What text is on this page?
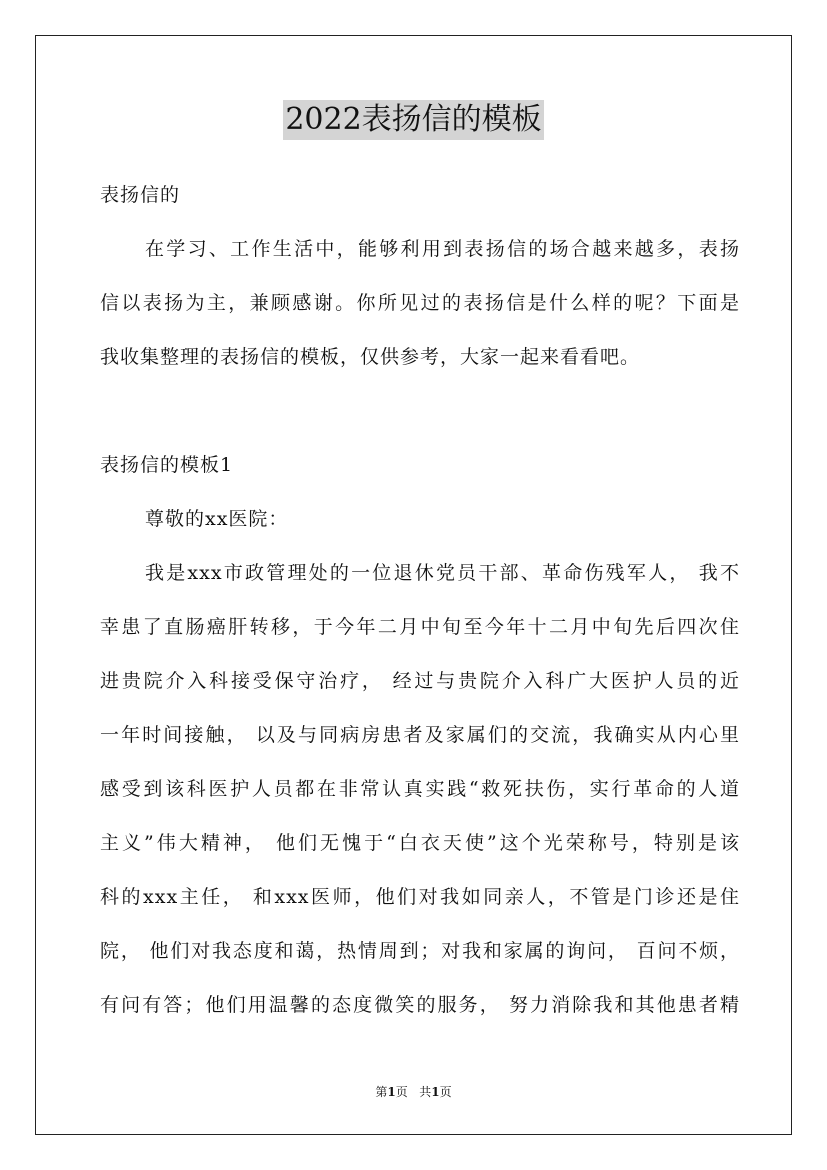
2022表扬信的模板
表扬信的
在学习、工作生活中，能够利用到表扬信的场合越来越多，表扬
信以表扬为主，兼顾感谢。你所见过的表扬信是什么样的呢？下面是
我收集整理的表扬信的模板，仅供参考，大家一起来看看吧。
表扬信的模板1
尊敬的xx医院：
我是xxx市政管理处的一位退休党员干部、革命伤残军人， 我不
幸患了直肠癌肝转移，于今年二月中旬至今年十二月中旬先后四次住
进贵院介入科接受保守治疗， 经过与贵院介入科广大医护人员的近
一年时间接触， 以及与同病房患者及家属们的交流，我确实从内心里
感受到该科医护人员都在非常认真实践“救死扶伤，实行革命的人道
主义”伟大精神， 他们无愧于“白衣天使”这个光荣称号，特别是该
科的xxx主任， 和xxx医师，他们对我如同亲人，不管是门诊还是住
院， 他们对我态度和蔼，热情周到；对我和家属的询问， 百问不烦，
有问有答；他们用温馨的态度微笑的服务， 努力消除我和其他患者精
第1页 共1页
